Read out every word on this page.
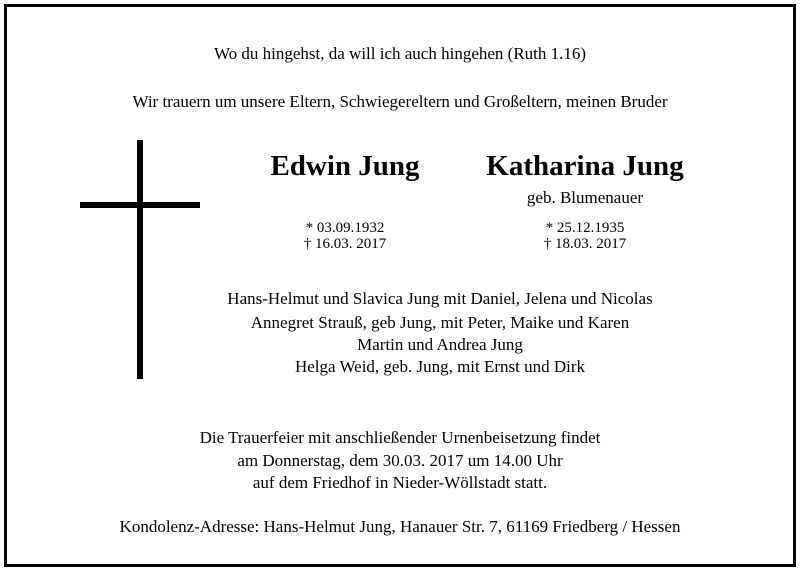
Wo du hingehst, da will ich auch hingehen (Ruth 1.16)
Wir trauern um unsere Eltern, Schwiegereltern und Großeltern, meinen Bruder
Edwin Jung	Katharina Jung
geb. Blumenauer
* 03.09.1932
† 16.03. 2017
* 25.12.1935
† 18.03. 2017
Hans-Helmut und Slavica Jung mit Daniel, Jelena und Nicolas
Annegret Strauß, geb Jung, mit Peter, Maike und Karen
Martin und Andrea Jung
Helga Weid, geb. Jung, mit Ernst und Dirk
Die Trauerfeier mit anschließender Urnenbeisetzung findet
am Donnerstag, dem 30.03. 2017 um 14.00 Uhr
auf dem Friedhof in Nieder-Wöllstadt statt.
Kondolenz-Adresse: Hans-Helmut Jung, Hanauer Str. 7, 61169 Friedberg / Hessen
